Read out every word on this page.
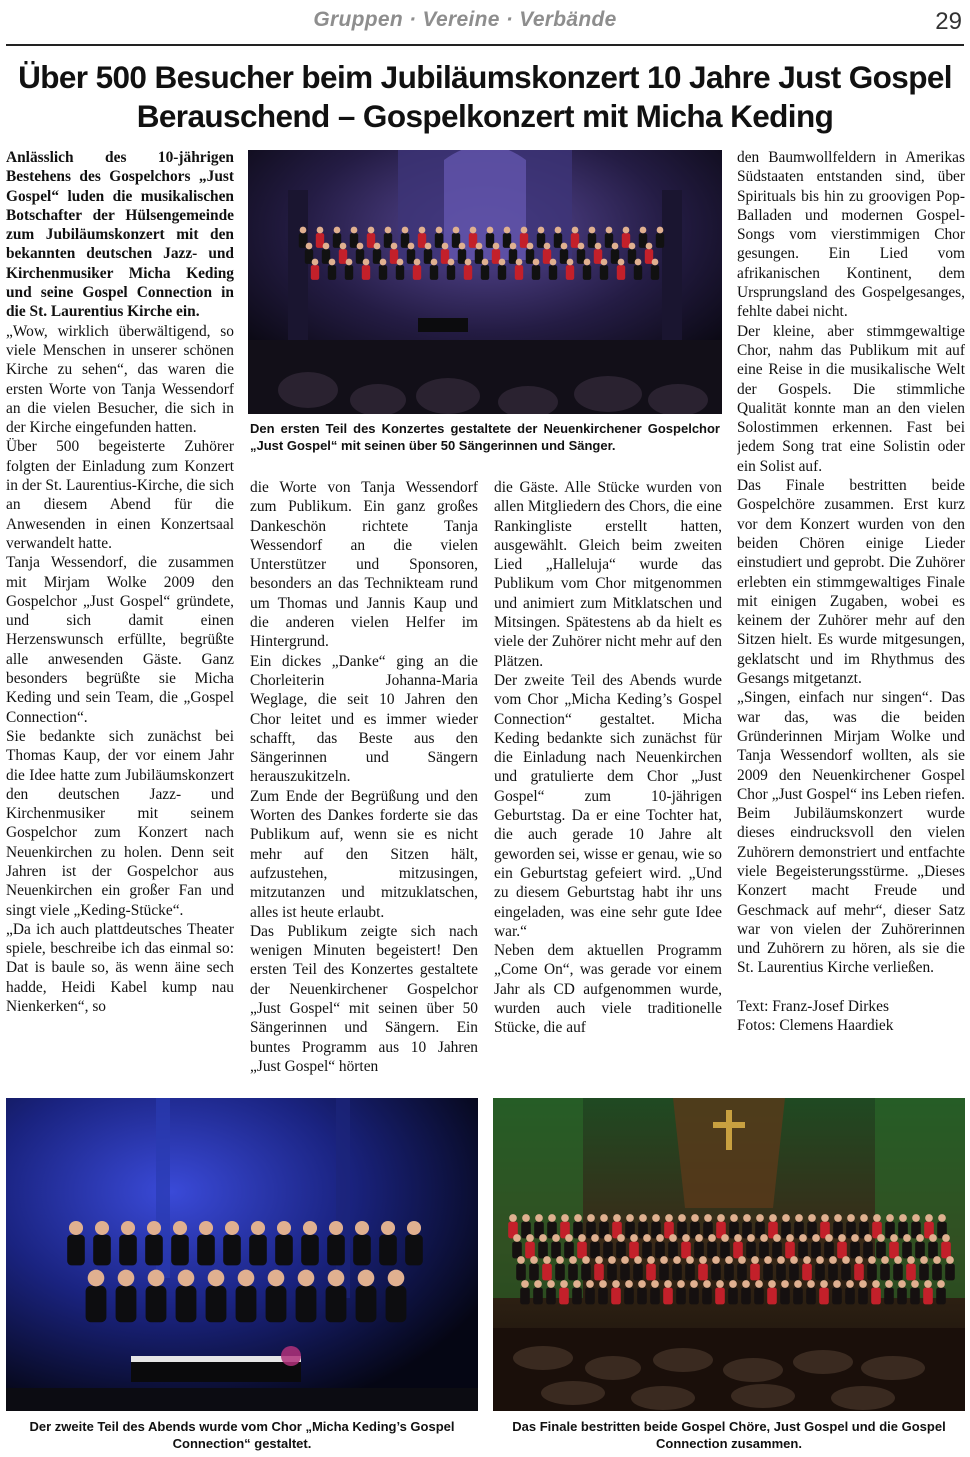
Gruppen · Vereine · Verbände	29
Über 500 Besucher beim Jubiläumskonzert 10 Jahre Just Gospel
Berauschend – Gospelkonzert mit Micha Keding

Anlässlich des 10-jährigen Bestehens des Gospelchors „Just Gospel“ luden die musikalischen Botschafter der Hülsengemeinde zum Jubiläumskonzert mit den bekannten deutschen Jazz- und Kirchenmusiker Micha Keding und seine Gospel Connection in die St. Laurentius Kirche ein.

„Wow, wirklich überwältigend, so viele Menschen in unserer schönen Kirche zu sehen“, das waren die ersten Worte von Tanja Wessendorf an die vielen Besucher, die sich in der Kirche eingefunden hatten.

Über 500 begeisterte Zuhörer folgten der Einladung zum Konzert in der St. Laurentius-Kirche, die sich an diesem Abend für die Anwesenden in einen Konzertsaal verwandelt hatte.

Tanja Wessendorf, die zusammen mit Mirjam Wolke 2009 den Gospelchor „Just Gospel“ gründete, und sich damit einen Herzenswunsch erfüllte, begrüßte alle anwesenden Gäste. Ganz besonders begrüßte sie Micha Keding und sein Team, die „Gospel Connection“.

Sie bedankte sich zunächst bei Thomas Kaup, der vor einem Jahr die Idee hatte zum Jubiläumskonzert den deutschen Jazz- und Kirchenmusiker mit seinem Gospelchor zum Konzert nach Neuenkirchen zu holen. Denn seit Jahren ist der Gospelchor aus Neuenkirchen ein großer Fan und singt viele „Keding-Stücke“.

„Da ich auch plattdeutsches Theater spiele, beschreibe ich das einmal so: Dat is baule so, äs wenn äine sech hadde, Heidi Kabel kump nau Nienkerken“, so

Den ersten Teil des Konzertes gestaltete der Neuenkirchener Gospelchor „Just Gospel“ mit seinen über 50 Sängerinnen und Sänger.

die Worte von Tanja Wessendorf zum Publikum. Ein ganz großes Dankeschön richtete Tanja Wessendorf an die vielen Unterstützer und Sponsoren, besonders an das Technikteam rund um Thomas und Jannis Kaup und die anderen vielen Helfer im Hintergrund.

Ein dickes „Danke“ ging an die Chorleiterin Johanna-Maria Weglage, die seit 10 Jahren den Chor leitet und es immer wieder schafft, das Beste aus den Sängerinnen und Sängern herauszukitzeln.

Zum Ende der Begrüßung und den Worten des Dankes forderte sie das Publikum auf, wenn sie es nicht mehr auf den Sitzen hält, aufzustehen, mitzusingen, mitzutanzen und mitzuklatschen, alles ist heute erlaubt.

Das Publikum zeigte sich nach wenigen Minuten begeistert! Den ersten Teil des Konzertes gestaltete der Neuenkirchener Gospelchor „Just Gospel“ mit seinen über 50 Sängerinnen und Sängern. Ein buntes Programm aus 10 Jahren „Just Gospel“ hörten

die Gäste. Alle Stücke wurden von allen Mitgliedern des Chors, die eine Rankingliste erstellt hatten, ausgewählt. Gleich beim zweiten Lied „Halleluja“ wurde das Publikum vom Chor mitgenommen und animiert zum Mitklatschen und Mitsingen. Spätestens ab da hielt es viele der Zuhörer nicht mehr auf den Plätzen.

Der zweite Teil des Abends wurde vom Chor „Micha Keding’s Gospel Connection“ gestaltet. Micha Keding bedankte sich zunächst für die Einladung nach Neuenkirchen und gratulierte dem Chor „Just Gospel“ zum 10-jährigen Geburtstag. Da er eine Tochter hat, die auch gerade 10 Jahre alt geworden sei, wisse er genau, wie so ein Geburtstag gefeiert wird. „Und zu diesem Geburtstag habt ihr uns eingeladen, was eine sehr gute Idee war.“

Neben dem aktuellen Programm „Come On“, was gerade vor einem Jahr als CD aufgenommen wurde, wurden auch viele traditionelle Stücke, die auf

den Baumwollfeldern in Amerikas Südstaaten entstanden sind, über Spirituals bis hin zu groovigen Pop-Balladen und modernen Gospel-Songs vom vierstimmigen Chor gesungen. Ein Lied vom afrikanischen Kontinent, dem Ursprungsland des Gospelgesanges, fehlte dabei nicht.

Der kleine, aber stimmgewaltige Chor, nahm das Publikum mit auf eine Reise in die musikalische Welt der Gospels. Die stimmliche Qualität konnte man an den vielen Solostimmen erkennen. Fast bei jedem Song trat eine Solistin oder ein Solist auf.

Das Finale bestritten beide Gospelchöre zusammen. Erst kurz vor dem Konzert wurden von den beiden Chören einige Lieder einstudiert und geprobt. Die Zuhörer erlebten ein stimmgewaltiges Finale mit einigen Zugaben, wobei es keinem der Zuhörer mehr auf den Sitzen hielt. Es wurde mitgesungen, geklatscht und im Rhythmus des Gesangs mitgetanzt.

„Singen, einfach nur singen“. Das war das, was die beiden Gründerinnen Mirjam Wolke und Tanja Wessendorf wollten, als sie 2009 den Neuenkirchener Gospel Chor „Just Gospel“ ins Leben riefen. Beim Jubiläumskonzert wurde dieses eindrucksvoll den vielen Zuhörern demonstriert und entfachte viele Begeisterungsstürme. „Dieses Konzert macht Freude und Geschmack auf mehr“, dieser Satz war von vielen der Zuhörerinnen und Zuhörern zu hören, als sie die St. Laurentius Kirche verließen.

Text: Franz-Josef Dirkes

Fotos: Clemens Haardiek

Der zweite Teil des Abends wurde vom Chor „Micha Keding’s Gospel Connection“ gestaltet.
Das Finale bestritten beide Gospel Chöre, Just Gospel und die Gospel Connection zusammen.
